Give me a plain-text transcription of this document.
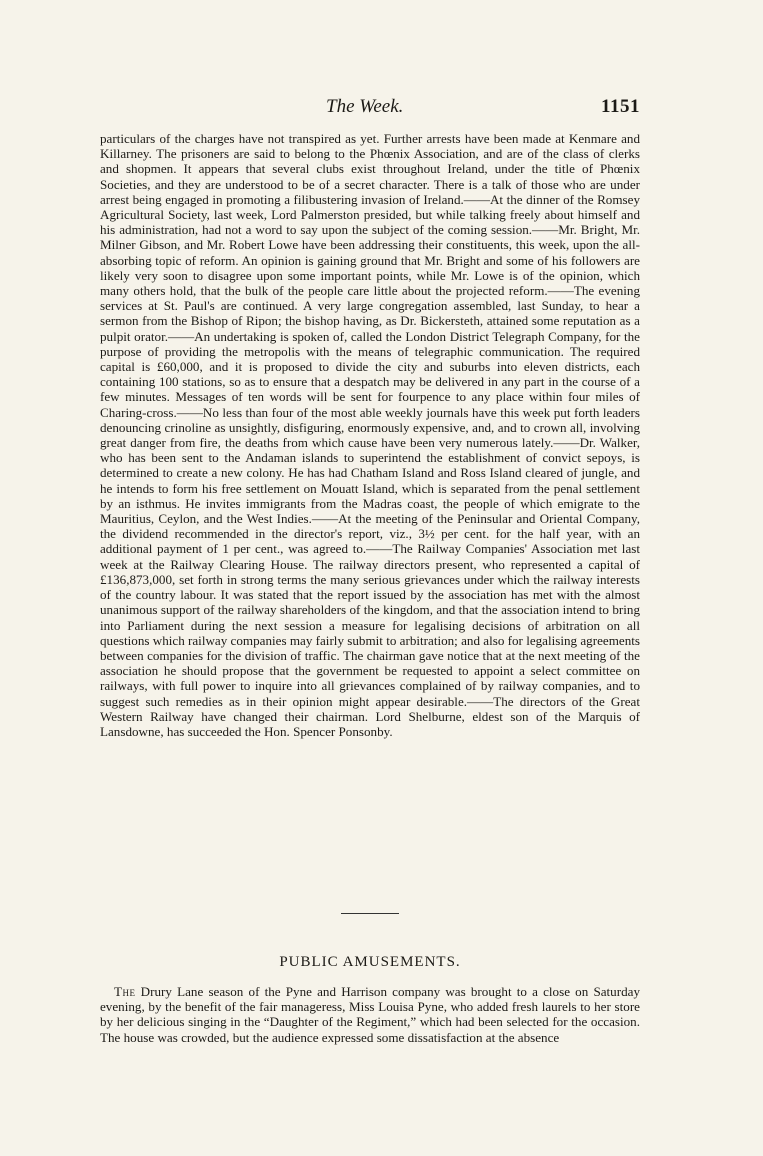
The Week.	1151

particulars of the charges have not transpired as yet. Further arrests have been made at Kenmare and Killarney. The prisoners are said to belong to the Phœnix Association, and are of the class of clerks and shopmen. It appears that several clubs exist throughout Ireland, under the title of Phœnix Societies, and they are understood to be of a secret character. There is a talk of those who are under arrest being engaged in promoting a filibustering invasion of Ireland.——At the dinner of the Romsey Agricultural Society, last week, Lord Palmerston presided, but while talking freely about himself and his administration, had not a word to say upon the subject of the coming session.——Mr. Bright, Mr. Milner Gibson, and Mr. Robert Lowe have been addressing their constituents, this week, upon the all-absorbing topic of reform. An opinion is gaining ground that Mr. Bright and some of his followers are likely very soon to disagree upon some important points, while Mr. Lowe is of the opinion, which many others hold, that the bulk of the people care little about the projected reform.——The evening services at St. Paul's are continued. A very large congregation assembled, last Sunday, to hear a sermon from the Bishop of Ripon; the bishop having, as Dr. Bickersteth, attained some reputation as a pulpit orator.——An undertaking is spoken of, called the London District Telegraph Company, for the purpose of providing the metropolis with the means of telegraphic communication. The required capital is £60,000, and it is proposed to divide the city and suburbs into eleven districts, each containing 100 stations, so as to ensure that a despatch may be delivered in any part in the course of a few minutes. Messages of ten words will be sent for fourpence to any place within four miles of Charing-cross.——No less than four of the most able weekly journals have this week put forth leaders denouncing crinoline as unsightly, disfiguring, enormously expensive, and, and to crown all, involving great danger from fire, the deaths from which cause have been very numerous lately.——Dr. Walker, who has been sent to the Andaman islands to superintend the establishment of convict sepoys, is determined to create a new colony. He has had Chatham Island and Ross Island cleared of jungle, and he intends to form his free settlement on Mouatt Island, which is separated from the penal settlement by an isthmus. He invites immigrants from the Madras coast, the people of which emigrate to the Mauritius, Ceylon, and the West Indies.——At the meeting of the Peninsular and Oriental Company, the dividend recommended in the director's report, viz., 3½ per cent. for the half year, with an additional payment of 1 per cent., was agreed to.——The Railway Companies' Association met last week at the Railway Clearing House. The railway directors present, who represented a capital of £136,873,000, set forth in strong terms the many serious grievances under which the railway interests of the country labour. It was stated that the report issued by the association has met with the almost unanimous support of the railway shareholders of the kingdom, and that the association intend to bring into Parliament during the next session a measure for legalising decisions of arbitration on all questions which railway companies may fairly submit to arbitration; and also for legalising agreements between companies for the division of traffic. The chairman gave notice that at the next meeting of the association he should propose that the government be requested to appoint a select committee on railways, with full power to inquire into all grievances complained of by railway companies, and to suggest such remedies as in their opinion might appear desirable.——The directors of the Great Western Railway have changed their chairman. Lord Shelburne, eldest son of the Marquis of Lansdowne, has succeeded the Hon. Spencer Ponsonby.

PUBLIC AMUSEMENTS.

The Drury Lane season of the Pyne and Harrison company was brought to a close on Saturday evening, by the benefit of the fair manageress, Miss Louisa Pyne, who added fresh laurels to her store by her delicious singing in the “Daughter of the Regiment,” which had been selected for the occasion. The house was crowded, but the audience expressed some dissatisfaction at the absence
